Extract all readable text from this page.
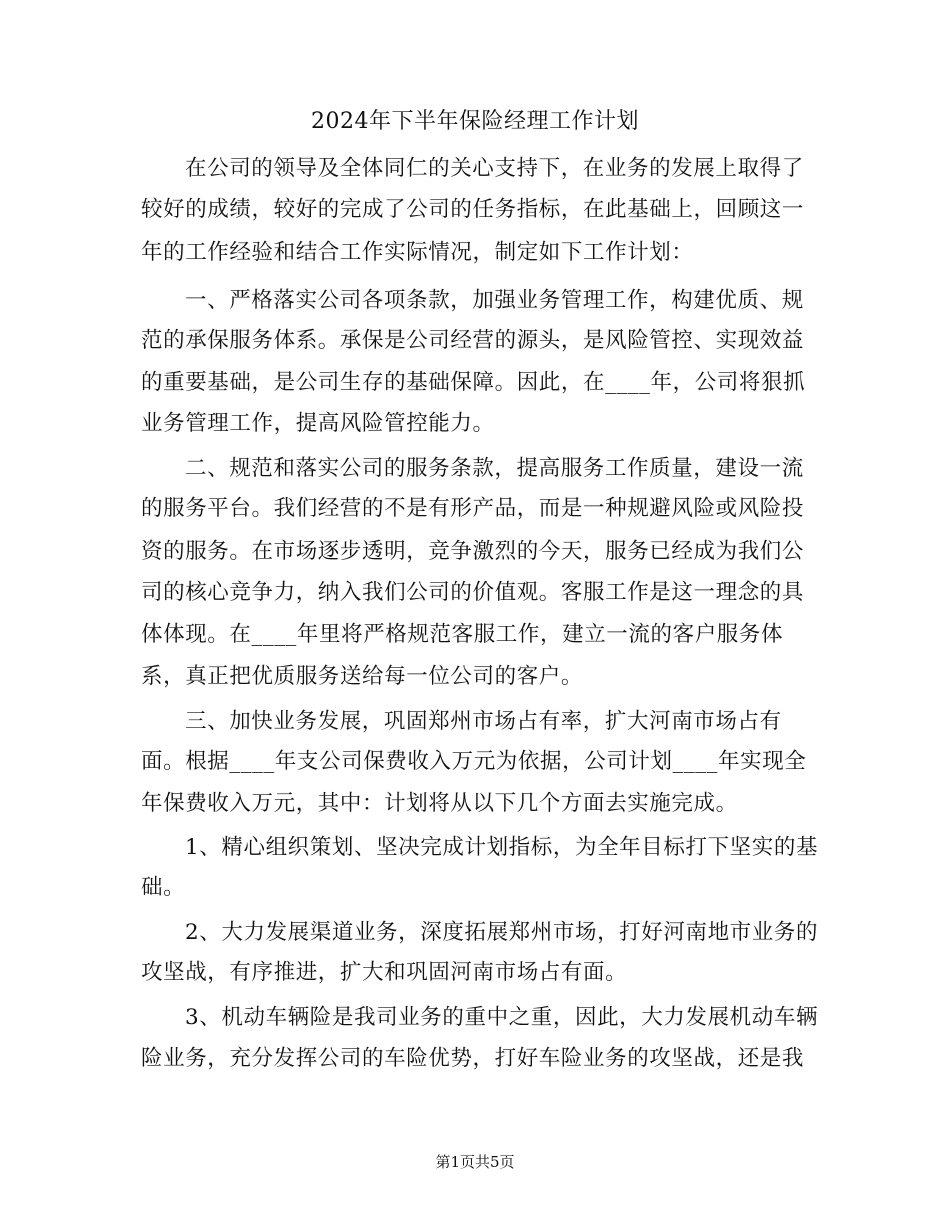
2024年下半年保险经理工作计划
在公司的领导及全体同仁的关心支持下，在业务的发展上取得了
较好的成绩，较好的完成了公司的任务指标，在此基础上，回顾这一
年的工作经验和结合工作实际情况，制定如下工作计划：
一、严格落实公司各项条款，加强业务管理工作，构建优质、规
范的承保服务体系。承保是公司经营的源头，是风险管控、实现效益
的重要基础，是公司生存的基础保障。因此，在____年，公司将狠抓
业务管理工作，提高风险管控能力。
二、规范和落实公司的服务条款，提高服务工作质量，建设一流
的服务平台。我们经营的不是有形产品，而是一种规避风险或风险投
资的服务。在市场逐步透明，竞争激烈的今天，服务已经成为我们公
司的核心竞争力，纳入我们公司的价值观。客服工作是这一理念的具
体体现。在____年里将严格规范客服工作，建立一流的客户服务体
系，真正把优质服务送给每一位公司的客户。
三、加快业务发展，巩固郑州市场占有率，扩大河南市场占有
面。根据____年支公司保费收入万元为依据，公司计划____年实现全
年保费收入万元，其中：计划将从以下几个方面去实施完成。
1、精心组织策划、坚决完成计划指标，为全年目标打下坚实的基
础。
2、大力发展渠道业务，深度拓展郑州市场，打好河南地市业务的
攻坚战，有序推进，扩大和巩固河南市场占有面。
3、机动车辆险是我司业务的重中之重，因此，大力发展机动车辆
险业务，充分发挥公司的车险优势，打好车险业务的攻坚战，还是我
第1页共5页
